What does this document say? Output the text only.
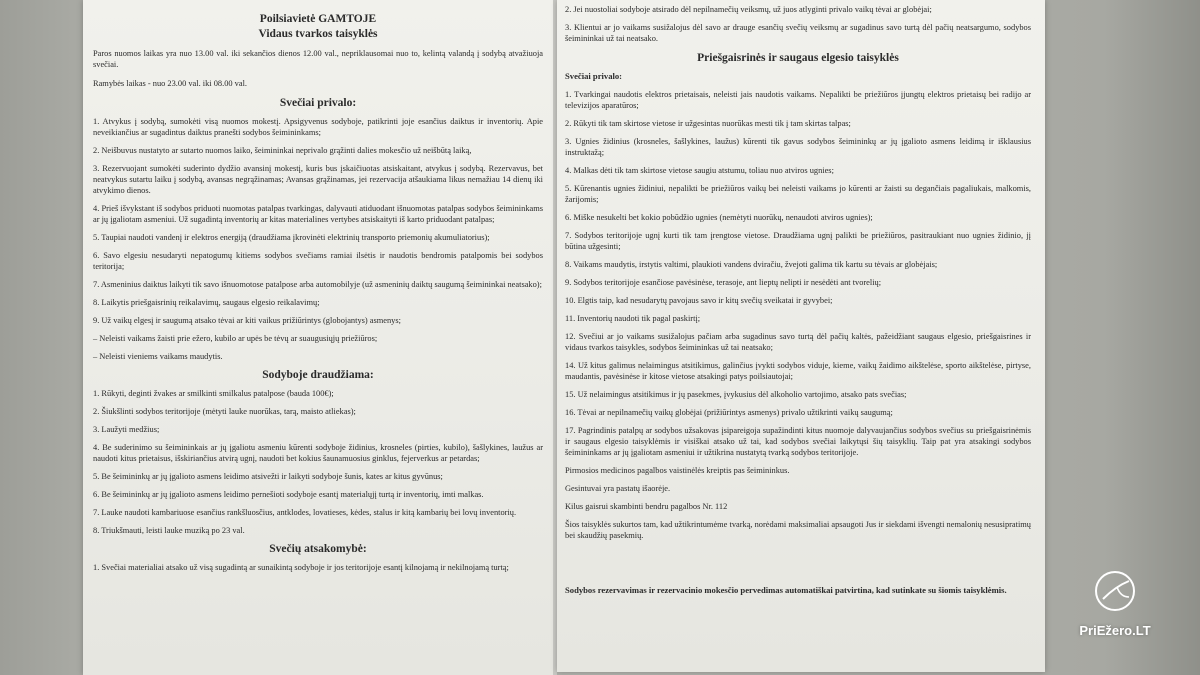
Poilsiavietė GAMTOJE
Vidaus tvarkos taisyklės

Paros nuomos laikas yra nuo 13.00 val. iki sekančios dienos 12.00 val., nepriklausomai nuo to, kelintą valandą į sodybą atvažiuoja svečiai.

Ramybės laikas - nuo 23.00 val. iki 08.00 val.

Svečiai privalo:

1. Atvykus į sodybą, sumokėti visą nuomos mokestį. Apsigyvenus sodyboje, patikrinti joje esančius daiktus ir inventorių. Apie neveikiančius ar sugadintus daiktus pranešti sodybos šeimininkams;

2. Neišbuvus nustatyto ar sutarto nuomos laiko, šeimininkai neprivalo grąžinti dalies mokesčio už neišbūtą laiką,

3. Rezervuojant sumokėti suderinto dydžio avansinį mokestį, kuris bus įskaičiuotas atsiskaitant, atvykus į sodybą. Rezervavus, bet neatvykus sutartu laiku į sodybą, avansas negrąžinamas; Avansas grąžinamas, jei rezervacija atšaukiama likus nemažiau 14 dienų iki atvykimo dienos.

4. Prieš išvykstant iš sodybos priduoti nuomotas patalpas tvarkingas, dalyvauti atiduodant išnuomotas patalpas sodybos šeimininkams ar jų įgaliotam asmeniui. Už sugadintą inventorių ar kitas materialines vertybes atsiskaityti iš karto priduodant patalpas;

5. Taupiai naudoti vandenį ir elektros energiją (draudžiama įkrovinėti elektrinių transporto priemonių akumuliatorius);

6. Savo elgesiu nesudaryti nepatogumų kitiems sodybos svečiams ramiai ilsėtis ir naudotis bendromis patalpomis bei sodybos teritorija;

7. Asmeninius daiktus laikyti tik savo išnuomotose patalpose arba automobilyje (už asmeninių daiktų saugumą šeimininkai neatsako);

8. Laikytis priešgaisrinių reikalavimų, saugaus elgesio reikalavimų;

9. Už vaikų elgesį ir saugumą atsako tėvai ar kiti vaikus prižiūrintys (globojantys) asmenys;

– Neleisti vaikams žaisti prie ežero, kubilo ar upės be tėvų ar suaugusiųjų priežiūros;

– Neleisti vieniems vaikams maudytis.

Sodyboje draudžiama:

1. Rūkyti, deginti žvakes ar smilkinti smilkalus patalpose (bauda 100€);

2. Šiukšlinti sodybos teritorijoje (mėtyti lauke nuorūkas, tarą, maisto atliekas);

3. Laužyti medžius;

4. Be suderinimo su šeimininkais ar jų įgaliotu asmeniu kūrenti sodyboje židinius, krosneles (pirties, kubilo), šašlykines, laužus ar naudoti kitus prietaisus, išskiriančius atvirą ugnį, naudoti bet kokius šaunamuosius ginklus, fejerverkus ar petardas;

5. Be šeimininkų ar jų įgalioto asmens leidimo atsivežti ir laikyti sodyboje šunis, kates ar kitus gyvūnus;

6. Be šeimininkų ar jų įgalioto asmens leidimo pernešioti sodyboje esantį materialųjį turtą ir inventorių, imti malkas.

7. Lauke naudoti kambariuose esančius rankšluosčius, antklodes, lovatieses, kėdes, stalus ir kitą kambarių bei lovų inventorių.

8. Triukšmauti, leisti lauke muziką po 23 val.

Svečių atsakomybė:

1. Svečiai materialiai atsako už visą sugadintą ar sunaikintą sodyboje ir jos teritorijoje esantį kilnojamą ir nekilnojamą turtą;

2. Jei nuostoliai sodyboje atsirado dėl nepilnamečių veiksmų, už juos atlyginti privalo vaikų tėvai ar globėjai;

3. Klientui ar jo vaikams susižalojus dėl savo ar drauge esančių svečių veiksmų ar sugadinus savo turtą dėl pačių neatsargumo, sodybos šeimininkai už tai neatsako.

Priešgaisrinės ir saugaus elgesio taisyklės
Svečiai privalo:

1. Tvarkingai naudotis elektros prietaisais, neleisti jais naudotis vaikams. Nepalikti be priežiūros įjungtų elektros prietaisų bei radijo ar televizijos aparatūros;

2. Rūkyti tik tam skirtose vietose ir užgesintas nuorūkas mesti tik į tam skirtas talpas;

3. Ugnies židinius (krosneles, šašlykines, laužus) kūrenti tik gavus sodybos šeimininkų ar jų įgalioto asmens leidimą ir išklausius instruktažą;

4. Malkas dėti tik tam skirtose vietose saugiu atstumu, toliau nuo atviros ugnies;

5. Kūrenantis ugnies židiniui, nepalikti be priežiūros vaikų bei neleisti vaikams jo kūrenti ar žaisti su degančiais pagaliukais, malkomis, žarijomis;

6. Miške nesukelti bet kokio pobūdžio ugnies (nemėtyti nuorūkų, nenaudoti atviros ugnies);

7. Sodybos teritorijoje ugnį kurti tik tam įrengtose vietose. Draudžiama ugnį palikti be priežiūros, pasitraukiant nuo ugnies židinio, jį būtina užgesinti;

8. Vaikams maudytis, irstytis valtimi, plaukioti vandens dviračiu, žvejoti galima tik kartu su tėvais ar globėjais;

9. Sodybos teritorijoje esančiose pavėsinėse, terasoje, ant lieptų nelipti ir nesėdėti ant tvorelių;

10. Elgtis taip, kad nesudarytų pavojaus savo ir kitų svečių sveikatai ir gyvybei;

11. Inventorių naudoti tik pagal paskirtį;

12. Svečiui ar jo vaikams susižalojus pačiam arba sugadinus savo turtą dėl pačių kaltės, pažeidžiant saugaus elgesio, priešgaisrines ir vidaus tvarkos taisykles, sodybos šeimininkas už tai neatsako;

14. Už kitus galimus nelaimingus atsitikimus, galinčius įvykti sodybos viduje, kieme, vaikų žaidimo aikštelėse, sporto aikštelėse, pirtyse, maudantis, pavėsinėse ir kitose vietose atsakingi patys poilsiautojai;

15. Už nelaimingus atsitikimus ir jų pasekmes, įvykusius dėl alkoholio vartojimo, atsako pats svečias;

16. Tėvai ar nepilnamečių vaikų globėjai (prižiūrintys asmenys) privalo užtikrinti vaikų saugumą;

17. Pagrindinis patalpų ar sodybos užsakovas įsipareigoja supažindinti kitus nuomoje dalyvaujančius sodybos svečius su priešgaisrinėmis ir saugaus elgesio taisyklėmis ir visiškai atsako už tai, kad sodybos svečiai laikytųsi šių taisyklių. Taip pat yra atsakingi sodybos šeimininkams ar jų įgaliotam asmeniui ir užtikrina nustatytą tvarką sodybos teritorijoje.

Pirmosios medicinos pagalbos vaistinėlės kreiptis pas šeimininkus.

Gesintuvai yra pastatų išaorėje.

Kilus gaisrui skambinti bendru pagalbos Nr. 112

Šios taisyklės sukurtos tam, kad užtikrintumėme tvarką, norėdami maksimaliai apsaugoti Jus ir siekdami išvengti nemalonių nesusipratimų bei skaudžių pasekmių.

Sodybos rezervavimas ir rezervacinio mokesčio pervedimas automatiškai patvirtina, kad sutinkate su šiomis taisyklėmis.

PriEžero.LT
